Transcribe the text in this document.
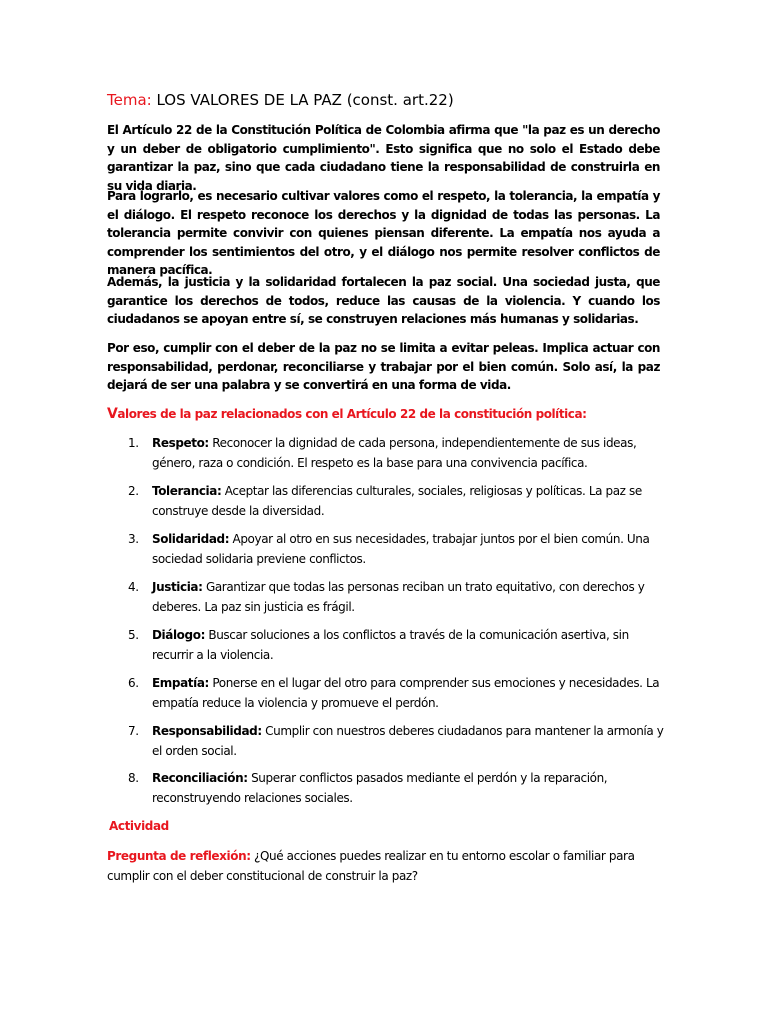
Tema: LOS VALORES DE LA PAZ (const. art.22)

El Artículo 22 de la Constitución Política de Colombia afirma que "la paz es un derecho y un deber de obligatorio cumplimiento". Esto significa que no solo el Estado debe garantizar la paz, sino que cada ciudadano tiene la responsabilidad de construirla en su vida diaria.

Para lograrlo, es necesario cultivar valores como el respeto, la tolerancia, la empatía y el diálogo. El respeto reconoce los derechos y la dignidad de todas las personas. La tolerancia permite convivir con quienes piensan diferente. La empatía nos ayuda a comprender los sentimientos del otro, y el diálogo nos permite resolver conflictos de manera pacífica.

Además, la justicia y la solidaridad fortalecen la paz social. Una sociedad justa, que garantice los derechos de todos, reduce las causas de la violencia. Y cuando los ciudadanos se apoyan entre sí, se construyen relaciones más humanas y solidarias.

Por eso, cumplir con el deber de la paz no se limita a evitar peleas. Implica actuar con responsabilidad, perdonar, reconciliarse y trabajar por el bien común. Solo así, la paz dejará de ser una palabra y se convertirá en una forma de vida.

Valores de la paz relacionados con el Artículo 22 de la constitución política:
1. Respeto: Reconocer la dignidad de cada persona, independientemente de sus ideas, género, raza o condición. El respeto es la base para una convivencia pacífica.
2. Tolerancia: Aceptar las diferencias culturales, sociales, religiosas y políticas. La paz se construye desde la diversidad.
3. Solidaridad: Apoyar al otro en sus necesidades, trabajar juntos por el bien común. Una sociedad solidaria previene conflictos.
4. Justicia: Garantizar que todas las personas reciban un trato equitativo, con derechos y deberes. La paz sin justicia es frágil.
5. Diálogo: Buscar soluciones a los conflictos a través de la comunicación asertiva, sin recurrir a la violencia.
6. Empatía: Ponerse en el lugar del otro para comprender sus emociones y necesidades. La empatía reduce la violencia y promueve el perdón.
7. Responsabilidad: Cumplir con nuestros deberes ciudadanos para mantener la armonía y el orden social.
8. Reconciliación: Superar conflictos pasados mediante el perdón y la reparación, reconstruyendo relaciones sociales.
Actividad

Pregunta de reflexión: ¿Qué acciones puedes realizar en tu entorno escolar o familiar para cumplir con el deber constitucional de construir la paz?
